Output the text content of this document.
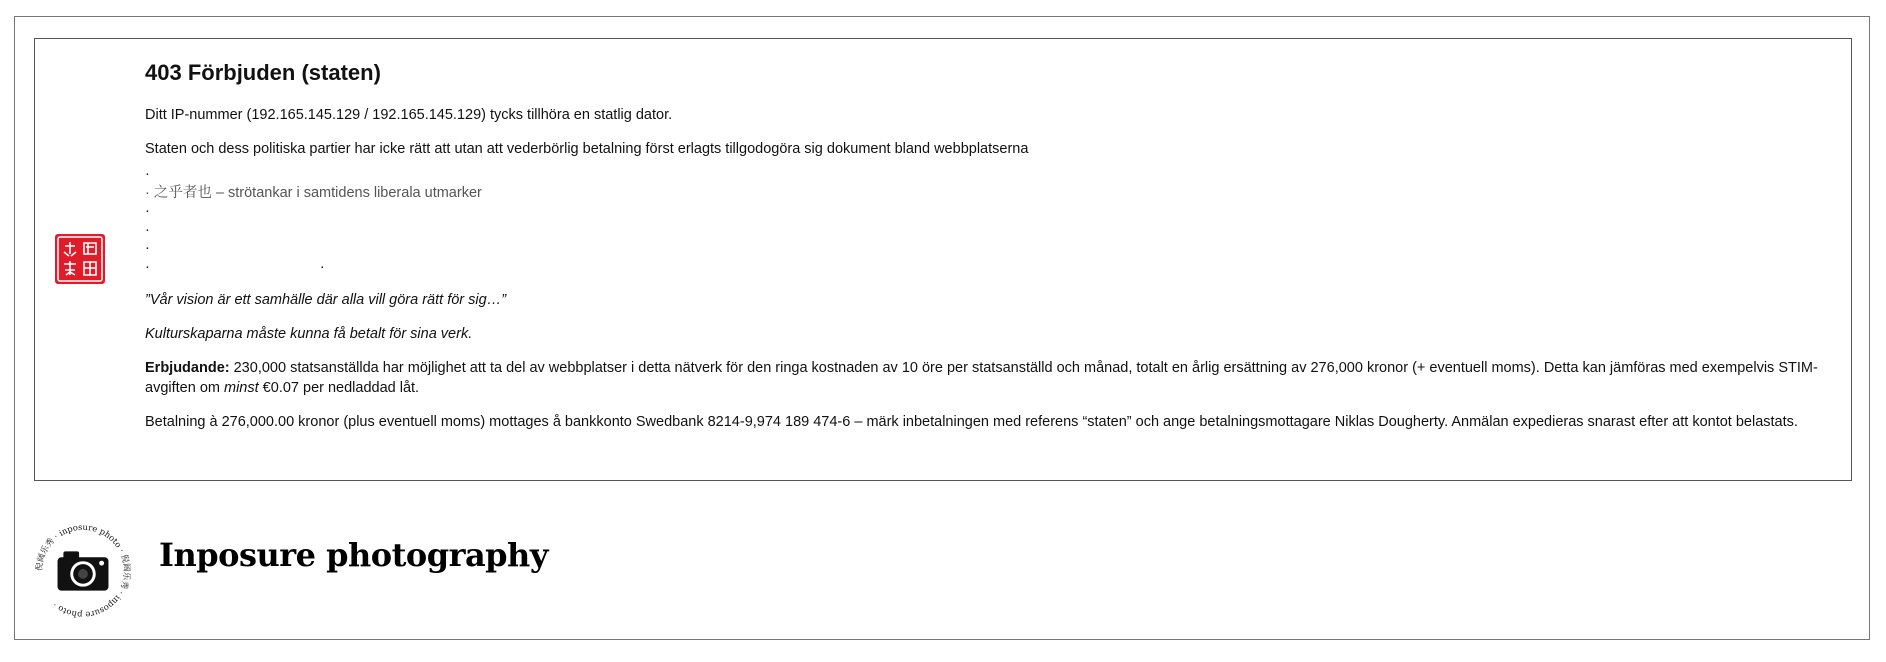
403 Förbjuden (staten)

Ditt IP-nummer (192.165.145.129 / 192.165.145.129) tycks tillhöra en statlig dator.

Staten och dess politiska partier har icke rätt att utan att vederbörlig betalning först erlagts tillgodogöra sig dokument bland webbplatserna

·
· 之乎者也 – strötankar i samtidens liberala utmarker
·
·
·
·	·

”Vår vision är ett samhälle där alla vill göra rätt för sig…”

Kulturskaparna måste kunna få betalt för sina verk.

Erbjudande: 230,000 statsanställda har möjlighet att ta del av webbplatser i detta nätverk för den ringa kostnaden av 10 öre per statsanställd och månad, totalt en årlig ersättning av 276,000 kronor (+ eventuell moms). Detta kan jämföras med exempelvis STIM-avgiften om minst €0.07 per nedladdad låt.

Betalning à 276,000.00 kronor (plus eventuell moms) mottages å bankkonto Swedbank 8214-9,974 189 474-6 – märk inbetalningen med referens “staten” och ange betalningsmottagare Niklas Dougherty. Anmälan expedieras snarast efter att kontot belastats.

倪阔乐秀 · inposure photo · 倪阔乐秀 · inposure photo ·
Inposure photography
